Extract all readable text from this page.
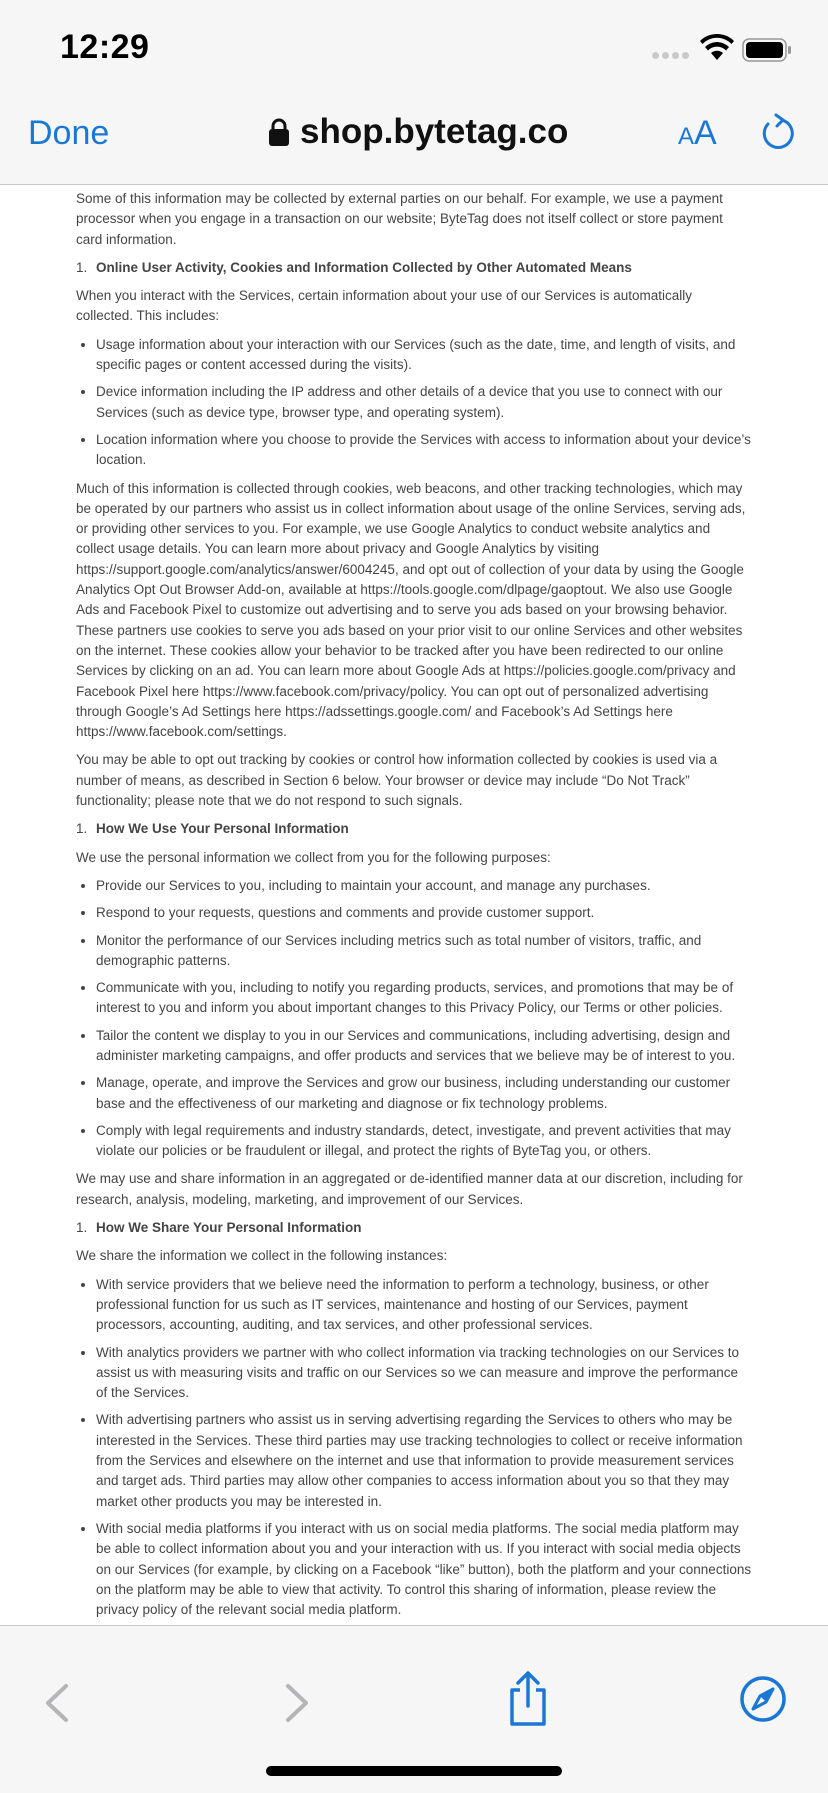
12:29
Done	shop.bytetag.co	AA

Some of this information may be collected by external parties on our behalf. For example, we use a payment processor when you engage in a transaction on our website; ByteTag does not itself collect or store payment card information.

1. Online User Activity, Cookies and Information Collected by Other Automated Means

When you interact with the Services, certain information about your use of our Services is automatically collected. This includes:

• Usage information about your interaction with our Services (such as the date, time, and length of visits, and specific pages or content accessed during the visits).
• Device information including the IP address and other details of a device that you use to connect with our Services (such as device type, browser type, and operating system).
• Location information where you choose to provide the Services with access to information about your device’s location.

Much of this information is collected through cookies, web beacons, and other tracking technologies, which may be operated by our partners who assist us in collect information about usage of the online Services, serving ads, or providing other services to you. For example, we use Google Analytics to conduct website analytics and collect usage details. You can learn more about privacy and Google Analytics by visiting https://support.google.com/analytics/answer/6004245, and opt out of collection of your data by using the Google Analytics Opt Out Browser Add-on, available at https://tools.google.com/dlpage/gaoptout. We also use Google Ads and Facebook Pixel to customize out advertising and to serve you ads based on your browsing behavior. These partners use cookies to serve you ads based on your prior visit to our online Services and other websites on the internet. These cookies allow your behavior to be tracked after you have been redirected to our online Services by clicking on an ad. You can learn more about Google Ads at https://policies.google.com/privacy and Facebook Pixel here https://www.facebook.com/privacy/policy. You can opt out of personalized advertising through Google’s Ad Settings here https://adssettings.google.com/ and Facebook’s Ad Settings here https://www.facebook.com/settings.

You may be able to opt out tracking by cookies or control how information collected by cookies is used via a number of means, as described in Section 6 below. Your browser or device may include “Do Not Track” functionality; please note that we do not respond to such signals.

1. How We Use Your Personal Information

We use the personal information we collect from you for the following purposes:

• Provide our Services to you, including to maintain your account, and manage any purchases.
• Respond to your requests, questions and comments and provide customer support.
• Monitor the performance of our Services including metrics such as total number of visitors, traffic, and demographic patterns.
• Communicate with you, including to notify you regarding products, services, and promotions that may be of interest to you and inform you about important changes to this Privacy Policy, our Terms or other policies.
• Tailor the content we display to you in our Services and communications, including advertising, design and administer marketing campaigns, and offer products and services that we believe may be of interest to you.
• Manage, operate, and improve the Services and grow our business, including understanding our customer base and the effectiveness of our marketing and diagnose or fix technology problems.
• Comply with legal requirements and industry standards, detect, investigate, and prevent activities that may violate our policies or be fraudulent or illegal, and protect the rights of ByteTag you, or others.

We may use and share information in an aggregated or de-identified manner data at our discretion, including for research, analysis, modeling, marketing, and improvement of our Services.

1. How We Share Your Personal Information

We share the information we collect in the following instances:

• With service providers that we believe need the information to perform a technology, business, or other professional function for us such as IT services, maintenance and hosting of our Services, payment processors, accounting, auditing, and tax services, and other professional services.
• With analytics providers we partner with who collect information via tracking technologies on our Services to assist us with measuring visits and traffic on our Services so we can measure and improve the performance of the Services.
• With advertising partners who assist us in serving advertising regarding the Services to others who may be interested in the Services. These third parties may use tracking technologies to collect or receive information from the Services and elsewhere on the internet and use that information to provide measurement services and target ads. Third parties may allow other companies to access information about you so that they may market other products you may be interested in.
• With social media platforms if you interact with us on social media platforms. The social media platform may be able to collect information about you and your interaction with us. If you interact with social media objects on our Services (for example, by clicking on a Facebook “like” button), both the platform and your connections on the platform may be able to view that activity. To control this sharing of information, please review the privacy policy of the relevant social media platform.
•
